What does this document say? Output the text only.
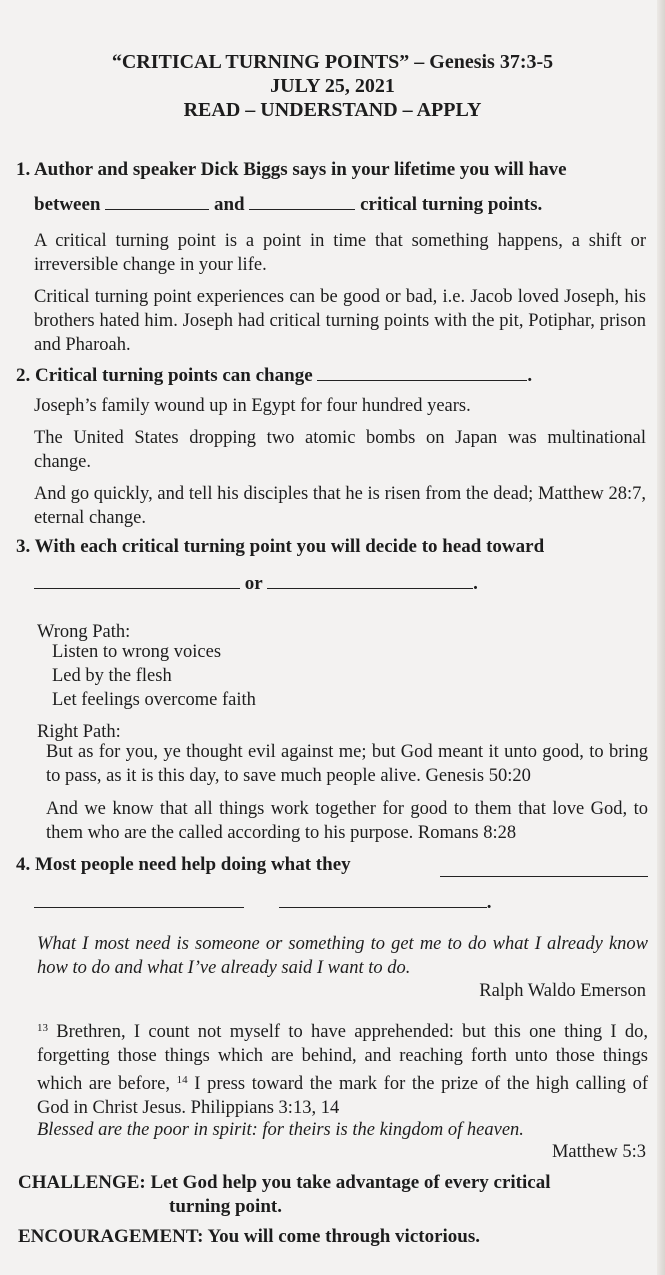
“CRITICAL TURNING POINTS” – Genesis 37:3-5
JULY 25, 2021
READ – UNDERSTAND – APPLY
1. Author and speaker Dick Biggs says in your lifetime you will have
between	and	critical turning points.
A critical turning point is a point in time that something happens, a shift or irreversible change in your life.
Critical turning point experiences can be good or bad, i.e. Jacob loved Joseph, his brothers hated him. Joseph had critical turning points with the pit, Potiphar, prison and Pharoah.
2. Critical turning points can change	.
Joseph’s family wound up in Egypt for four hundred years.
The United States dropping two atomic bombs on Japan was multinational change.
And go quickly, and tell his disciples that he is risen from the dead; Matthew 28:7, eternal change.
3. With each critical turning point you will decide to head toward
or	.
Wrong Path:
Listen to wrong voices
Led by the flesh
Let feelings overcome faith
Right Path:
But as for you, ye thought evil against me; but God meant it unto good, to bring to pass, as it is this day, to save much people alive. Genesis 50:20
And we know that all things work together for good to them that love God, to them who are the called according to his purpose. Romans 8:28
4. Most people need help doing what they
.
What I most need is someone or something to get me to do what I already know how to do and what I’ve already said I want to do.
Ralph Waldo Emerson
$^{13}$ Brethren, I count not myself to have apprehended: but this one thing I do, forgetting those things which are behind, and reaching forth unto those things which are before, $^{14}$ I press toward the mark for the prize of the high calling of God in Christ Jesus. Philippians 3:13, 14
Blessed are the poor in spirit: for theirs is the kingdom of heaven.
Matthew 5:3
CHALLENGE: Let God help you take advantage of every critical
turning point.
ENCOURAGEMENT: You will come through victorious.
